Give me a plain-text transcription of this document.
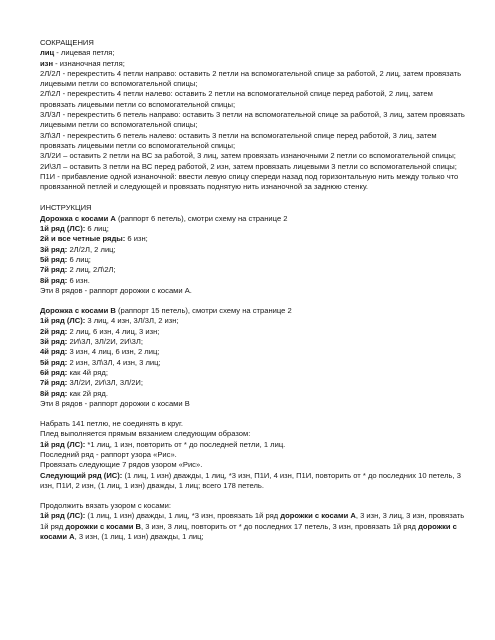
СОКРАЩЕНИЯ

лиц - лицевая петля;

изн - изнаночная петля;

2Л/2Л - перекрестить 4 петли направо: оставить 2 петли на вспомогательной спице за работой, 2 лиц, затем провязать лицевыми петли со вспомогательной спицы;

2Л\2Л - перекрестить 4 петли налево: оставить 2 петли на вспомогательной спице перед работой, 2 лиц, затем провязать лицевыми петли со вспомогательной спицы;

3Л/3Л - перекрестить 6 петель направо: оставить 3 петли на вспомогательной спице за работой, 3 лиц, затем провязать лицевыми петли со вспомогательной спицы;

3Л\3Л - перекрестить 6 петель налево: оставить 3 петли на вспомогательной спице перед работой, 3 лиц, затем провязать лицевыми петли со вспомогательной спицы;

3Л/2И – оставить 2 петли на ВС за работой, 3 лиц, затем провязать изнаночными 2 петли со вспомогательной спицы;

2И\3Л – оставить 3 петли на ВС перед работой, 2 изн, затем провязать лицевыми 3 петли со вспомогательной спицы;

П1И - прибавление одной изнаночной: ввести левую спицу спереди назад под горизонтальную нить между только что провязанной петлей и следующей и провязать поднятую нить изнаночной за заднюю стенку.

ИНСТРУКЦИЯ

Дорожка с косами А (раппорт 6 петель), смотри схему на странице 2

1й ряд (ЛС): 6 лиц;

2й и все четные ряды: 6 изн;

3й ряд: 2Л/2Л, 2 лиц;

5й ряд: 6 лиц;

7й ряд: 2 лиц, 2Л\2Л;

8й ряд: 6 изн.

Эти 8 рядов - раппорт дорожки с косами А.

Дорожка с косами В (раппорт 15 петель), смотри схему на странице 2

1й ряд (ЛС): 3 лиц, 4 изн, 3Л/3Л, 2 изн;

2й ряд: 2 лиц, 6 изн, 4 лиц, 3 изн;

3й ряд: 2И\3Л, 3Л/2И, 2И\3Л;

4й ряд: 3 изн, 4 лиц, 6 изн, 2 лиц;

5й ряд: 2 изн, 3Л\3Л, 4 изн, 3 лиц;

6й ряд: как 4й ряд;

7й ряд: 3Л/2И, 2И\3Л, 3Л/2И;

8й ряд: как 2й ряд.

Эти 8 рядов - раппорт дорожки с косами В

Набрать 141 петлю, не соединять в круг.

Плед выполняется прямым вязанием следующим образом:

1й ряд (ЛС): *1 лиц, 1 изн, повторить от * до последней петли, 1 лиц.

Последний ряд - раппорт узора «Рис».

Провязать следующие 7 рядов узором «Рис».

Следующий ряд (ИС): (1 лиц, 1 изн) дважды, 1 лиц, *3 изн, П1И, 4 изн, П1И, повторить от * до последних 10 петель, 3 изн, П1И, 2 изн, (1 лиц, 1 изн) дважды, 1 лиц; всего 178 петель.

Продолжить вязать узором с косами:

1й ряд (ЛС): (1 лиц, 1 изн) дважды, 1 лиц, *3 изн, провязать 1й ряд дорожки с косами А, 3 изн, 3 лиц, 3 изн, провязать 1й ряд дорожки с косами В, 3 изн, 3 лиц, повторить от * до последних 17 петель, 3 изн, провязать 1й ряд дорожки с косами А, 3 изн, (1 лиц, 1 изн) дважды, 1 лиц;
